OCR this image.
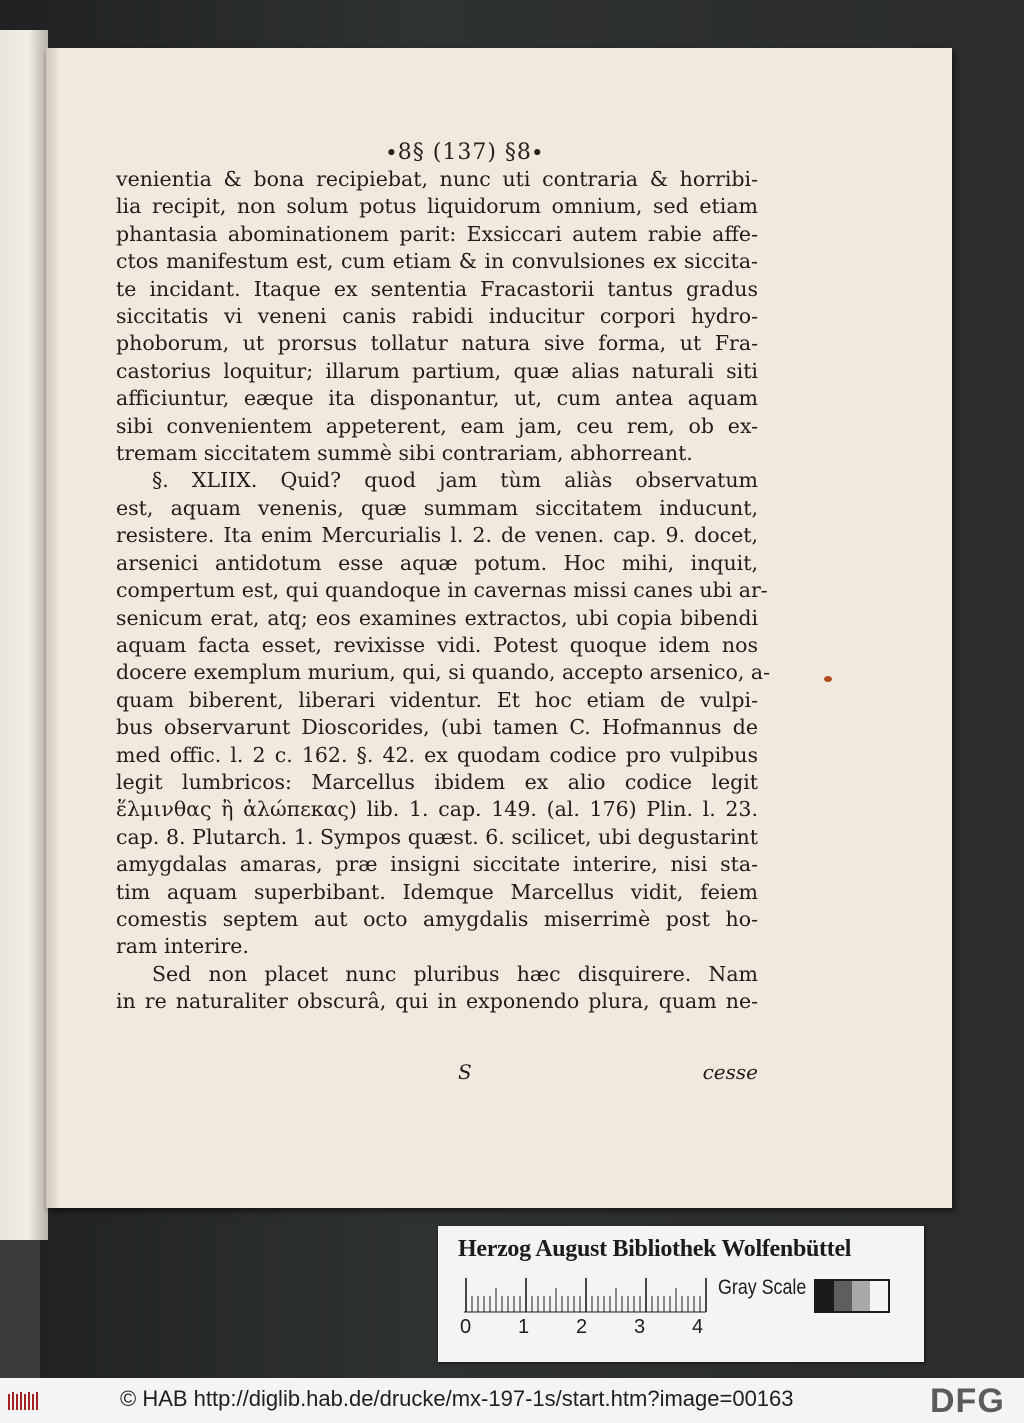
∙8§ (137) §8∙
venientia & bona recipiebat, nunc uti contraria & horribi-
lia recipit, non solum potus liquidorum omnium, sed etiam
phantasia abominationem parit: Exsiccari autem rabie affe-
ctos manifestum est, cum etiam & in convulsiones ex siccita-
te incidant. Itaque ex sententia Fracastorii tantus gradus
siccitatis vi veneni canis rabidi inducitur corpori hydro-
phoborum, ut prorsus tollatur natura sive forma, ut Fra-
castorius loquitur; illarum partium, quæ alias naturali siti
afficiuntur, eæque ita disponantur, ut, cum antea aquam
sibi convenientem appeterent, eam jam, ceu rem, ob ex-
tremam siccitatem summè sibi contrariam, abhorreant.
§. XLIIX. Quid? quod jam tùm aliàs observatum
est, aquam venenis, quæ summam siccitatem inducunt,
resistere. Ita enim Mercurialis l. 2. de venen. cap. 9. docet,
arsenici antidotum esse aquæ potum. Hoc mihi, inquit,
compertum est, qui quandoque in cavernas missi canes ubi ar-
senicum erat, atq; eos examines extractos, ubi copia bibendi
aquam facta esset, revixisse vidi. Potest quoque idem nos
docere exemplum murium, qui, si quando, accepto arsenico, a-
quam biberent, liberari videntur. Et hoc etiam de vulpi-
bus observarunt Dioscorides, (ubi tamen C. Hofmannus de
med offic. l. 2 c. 162. §. 42. ex quodam codice pro vulpibus
legit lumbricos: Marcellus ibidem ex alio codice legit
ἕλμινθας ἢ ἀλώπεκας) lib. 1. cap. 149. (al. 176) Plin. l. 23.
cap. 8. Plutarch. 1. Sympos quæst. 6. scilicet, ubi degustarint
amygdalas amaras, præ insigni siccitate interire, nisi sta-
tim aquam superbibant. Idemque Marcellus vidit, feiem
comestis septem aut octo amygdalis miserrimè post ho-
ram interire.
Sed non placet nunc pluribus hæc disquirere. Nam
in re naturaliter obscurâ, qui in exponendo plura, quam ne-
S	cesse
Herzog August Bibliothek Wolfenbüttel
0 1 2 3 4
Gray Scale
© HAB http://diglib.hab.de/drucke/mx-197-1s/start.htm?image=00163	DFG
